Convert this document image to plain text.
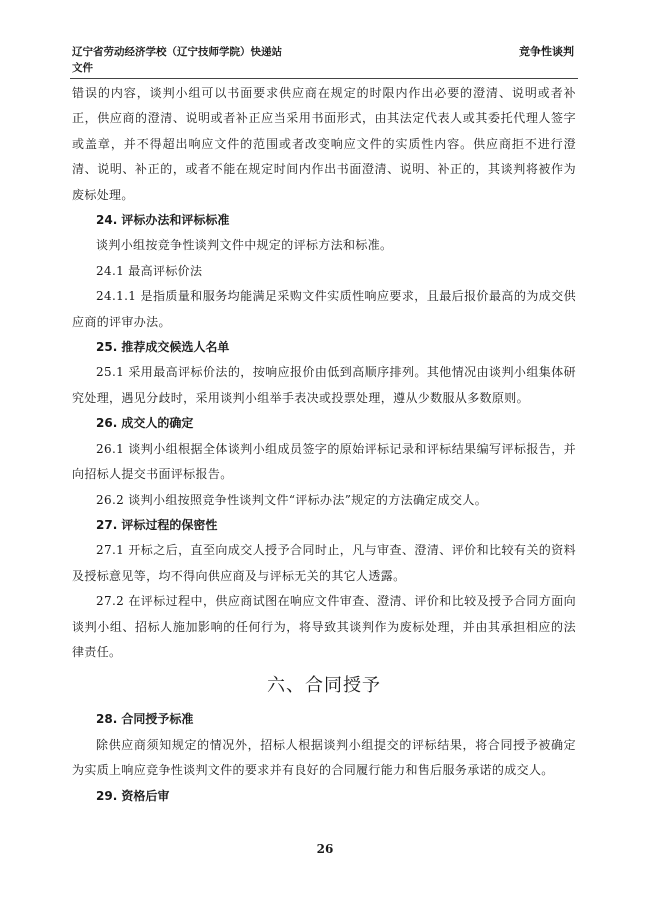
辽宁省劳动经济学校（辽宁技师学院）快递站
文件
竞争性谈判

错误的内容，谈判小组可以书面要求供应商在规定的时限内作出必要的澄清、说明或者补正，供应商的澄清、说明或者补正应当采用书面形式，由其法定代表人或其委托代理人签字或盖章，并不得超出响应文件的范围或者改变响应文件的实质性内容。供应商拒不进行澄清、说明、补正的，或者不能在规定时间内作出书面澄清、说明、补正的，其谈判将被作为废标处理。

24. 评标办法和评标标准

谈判小组按竞争性谈判文件中规定的评标方法和标准。

24.1 最高评标价法

24.1.1 是指质量和服务均能满足采购文件实质性响应要求，且最后报价最高的为成交供应商的评审办法。

25. 推荐成交候选人名单

25.1 采用最高评标价法的，按响应报价由低到高顺序排列。其他情况由谈判小组集体研究处理，遇见分歧时，采用谈判小组举手表决或投票处理，遵从少数服从多数原则。

26. 成交人的确定

26.1 谈判小组根据全体谈判小组成员签字的原始评标记录和评标结果编写评标报告，并向招标人提交书面评标报告。

26.2 谈判小组按照竞争性谈判文件“评标办法”规定的方法确定成交人。

27. 评标过程的保密性

27.1 开标之后，直至向成交人授予合同时止，凡与审查、澄清、评价和比较有关的资料及授标意见等，均不得向供应商及与评标无关的其它人透露。

27.2 在评标过程中，供应商试图在响应文件审查、澄清、评价和比较及授予合同方面向谈判小组、招标人施加影响的任何行为，将导致其谈判作为废标处理，并由其承担相应的法律责任。

六、合同授予

28. 合同授予标准

除供应商须知规定的情况外，招标人根据谈判小组提交的评标结果，将合同授予被确定为实质上响应竞争性谈判文件的要求并有良好的合同履行能力和售后服务承诺的成交人。

29. 资格后审

26
